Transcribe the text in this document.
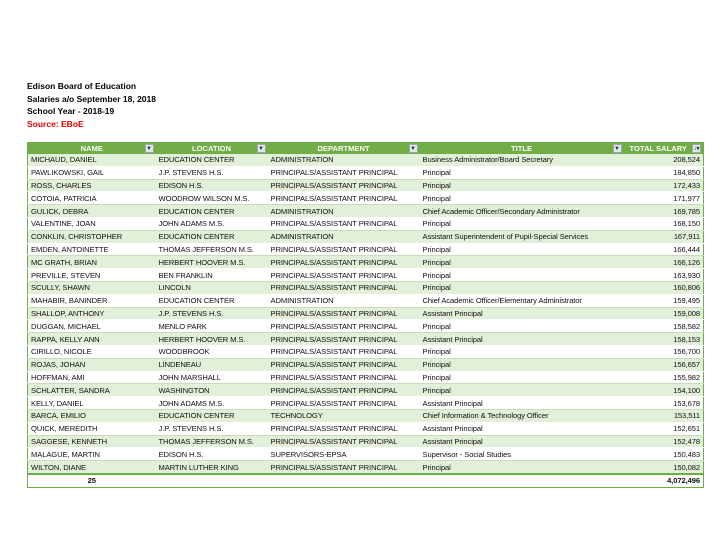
Edison Board of Education
Salaries a/o September 18, 2018
School Year - 2018-19
Source: EBoE
NAME ▼	LOCATION ▼	DEPARTMENT ▼	TITLE ▼	TOTAL SALARY ↓▾

MICHAUD, DANIEL	EDUCATION CENTER	ADMINISTRATION	Business Administrator/Board Secretary	208,524
PAWLIKOWSKI, GAIL	J.P. STEVENS H.S.	PRINCIPALS/ASSISTANT PRINCIPAL	Principal	184,850
ROSS, CHARLES	EDISON H.S.	PRINCIPALS/ASSISTANT PRINCIPAL	Principal	172,433
COTOIA, PATRICIA	WOODROW WILSON M.S.	PRINCIPALS/ASSISTANT PRINCIPAL	Principal	171,977
GULICK, DEBRA	EDUCATION CENTER	ADMINISTRATION	Chief Academic Officer/Secondary Administrator	169,785
VALENTINE, JOAN	JOHN ADAMS M.S.	PRINCIPALS/ASSISTANT PRINCIPAL	Principal	168,150
CONKLIN, CHRISTOPHER	EDUCATION CENTER	ADMINISTRATION	Assistant Superintendent of Pupil-Special Services	167,911
EMDEN, ANTOINETTE	THOMAS JEFFERSON M.S.	PRINCIPALS/ASSISTANT PRINCIPAL	Principal	166,444
MC GRATH, BRIAN	HERBERT HOOVER M.S.	PRINCIPALS/ASSISTANT PRINCIPAL	Principal	166,126
PREVILLE, STEVEN	BEN FRANKLIN	PRINCIPALS/ASSISTANT PRINCIPAL	Principal	163,930
SCULLY, SHAWN	LINCOLN	PRINCIPALS/ASSISTANT PRINCIPAL	Principal	160,806
MAHABIR, BANINDER	EDUCATION CENTER	ADMINISTRATION	Chief Academic Officer/Elementary Administrator	159,495
SHALLOP, ANTHONY	J.P. STEVENS H.S.	PRINCIPALS/ASSISTANT PRINCIPAL	Assistant Principal	159,008
DUGGAN, MICHAEL	MENLO PARK	PRINCIPALS/ASSISTANT PRINCIPAL	Principal	158,582
RAPPA, KELLY ANN	HERBERT HOOVER M.S.	PRINCIPALS/ASSISTANT PRINCIPAL	Assistant Principal	158,153
CIRILLO, NICOLE	WOODBROOK	PRINCIPALS/ASSISTANT PRINCIPAL	Principal	156,700
ROJAS, JOHAN	LINDENEAU	PRINCIPALS/ASSISTANT PRINCIPAL	Principal	156,657
HOFFMAN, AMI	JOHN MARSHALL	PRINCIPALS/ASSISTANT PRINCIPAL	Principal	155,982
SCHLATTER, SANDRA	WASHINGTON	PRINCIPALS/ASSISTANT PRINCIPAL	Principal	154,100
KELLY, DANIEL	JOHN ADAMS M.S.	PRINCIPALS/ASSISTANT PRINCIPAL	Assistant Principal	153,678
BARCA, EMILIO	EDUCATION CENTER	TECHNOLOGY	Chief Information & Technology Officer	153,511
QUICK, MEREDITH	J.P. STEVENS H.S.	PRINCIPALS/ASSISTANT PRINCIPAL	Assistant Principal	152,651
SAGGESE, KENNETH	THOMAS JEFFERSON M.S.	PRINCIPALS/ASSISTANT PRINCIPAL	Assistant Principal	152,478
MALAGUE, MARTIN	EDISON H.S.	SUPERVISORS-EPSA	Supervisor - Social Studies	150,483
WILTON, DIANE	MARTIN LUTHER KING	PRINCIPALS/ASSISTANT PRINCIPAL	Principal	150,082
25				4,072,496
